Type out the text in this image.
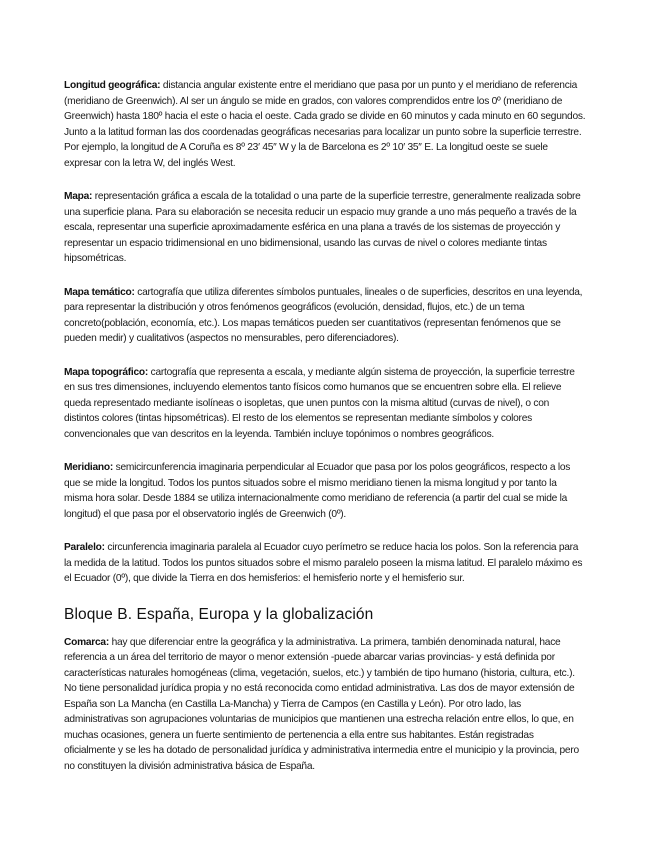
Longitud geográfica: distancia angular existente entre el meridiano que pasa por un punto y el meridiano de referencia (meridiano de Greenwich). Al ser un ángulo se mide en grados, con valores comprendidos entre los 0º (meridiano de Greenwich) hasta 180º hacia el este o hacia el oeste. Cada grado se divide en 60 minutos y cada minuto en 60 segundos. Junto a la latitud forman las dos coordenadas geográficas necesarias para localizar un punto sobre la superficie terrestre. Por ejemplo, la longitud de A Coruña es 8º 23′ 45″ W y la de Barcelona es 2º 10′ 35″ E. La longitud oeste se suele expresar con la letra W, del inglés West.

Mapa: representación gráfica a escala de la totalidad o una parte de la superficie terrestre, generalmente realizada sobre una superficie plana. Para su elaboración se necesita reducir un espacio muy grande a uno más pequeño a través de la escala, representar una superficie aproximadamente esférica en una plana a través de los sistemas de proyección y representar un espacio tridimensional en uno bidimensional, usando las curvas de nivel o colores mediante tintas hipsométricas.

Mapa temático: cartografía que utiliza diferentes símbolos puntuales, lineales o de superficies, descritos en una leyenda, para representar la distribución y otros fenómenos geográficos (evolución, densidad, flujos, etc.) de un tema concreto(población, economía, etc.). Los mapas temáticos pueden ser cuantitativos (representan fenómenos que se pueden medir) y cualitativos (aspectos no mensurables, pero diferenciadores).

Mapa topográfico: cartografía que representa a escala, y mediante algún sistema de proyección, la superficie terrestre en sus tres dimensiones, incluyendo elementos tanto físicos como humanos que se encuentren sobre ella. El relieve queda representado mediante isolíneas o isopletas, que unen puntos con la misma altitud (curvas de nivel), o con distintos colores (tintas hipsométricas). El resto de los elementos se representan mediante símbolos y colores convencionales que van descritos en la leyenda. También incluye topónimos o nombres geográficos.

Meridiano: semicircunferencia imaginaria perpendicular al Ecuador que pasa por los polos geográficos, respecto a los que se mide la longitud. Todos los puntos situados sobre el mismo meridiano tienen la misma longitud y por tanto la misma hora solar. Desde 1884 se utiliza internacionalmente como meridiano de referencia (a partir del cual se mide la longitud) el que pasa por el observatorio inglés de Greenwich (0º).

Paralelo: circunferencia imaginaria paralela al Ecuador cuyo perímetro se reduce hacia los polos. Son la referencia para la medida de la latitud. Todos los puntos situados sobre el mismo paralelo poseen la misma latitud. El paralelo máximo es el Ecuador (0º), que divide la Tierra en dos hemisferios: el hemisferio norte y el hemisferio sur.

Bloque B. España, Europa y la globalización

Comarca: hay que diferenciar entre la geográfica y la administrativa. La primera, también denominada natural, hace referencia a un área del territorio de mayor o menor extensión -puede abarcar varias provincias- y está definida por características naturales homogéneas (clima, vegetación, suelos, etc.) y también de tipo humano (historia, cultura, etc.). No tiene personalidad jurídica propia y no está reconocida como entidad administrativa. Las dos de mayor extensión de España son La Mancha (en Castilla La-Mancha) y Tierra de Campos (en Castilla y León). Por otro lado, las administrativas son agrupaciones voluntarias de municipios que mantienen una estrecha relación entre ellos, lo que, en muchas ocasiones, genera un fuerte sentimiento de pertenencia a ella entre sus habitantes. Están registradas oficialmente y se les ha dotado de personalidad jurídica y administrativa intermedia entre el municipio y la provincia, pero no constituyen la división administrativa básica de España.
